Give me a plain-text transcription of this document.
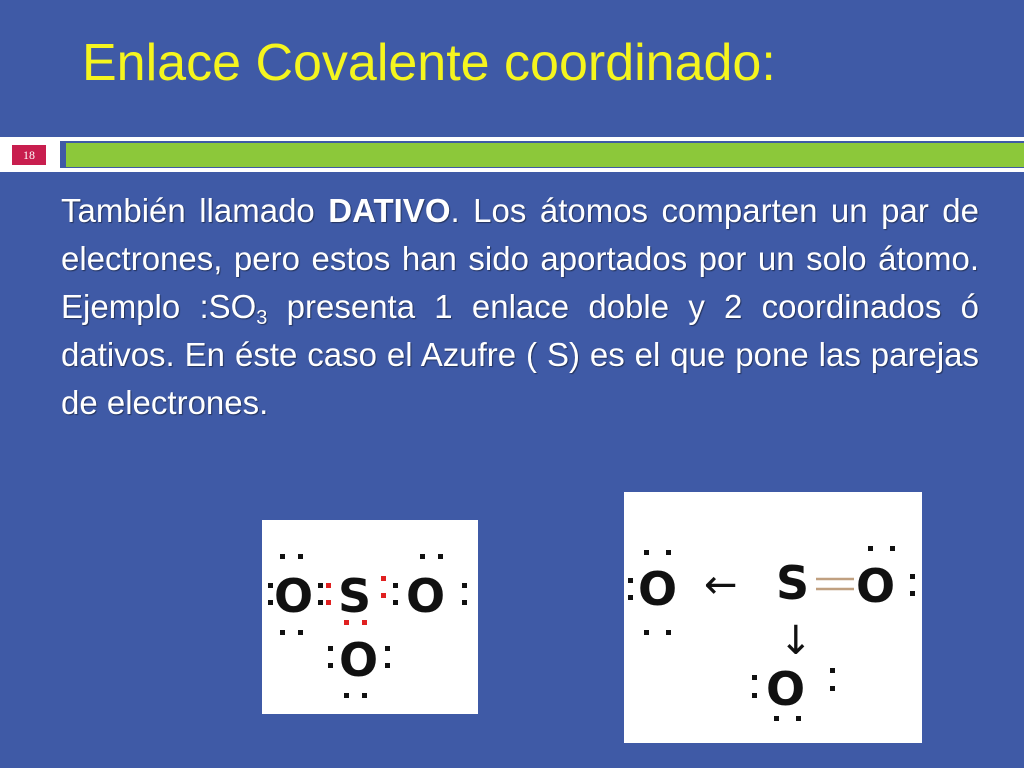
Enlace Covalente coordinado:
18

También llamado DATIVO. Los átomos comparten un par de electrones, pero estos han sido aportados por un solo átomo. Ejemplo $:SO_3$ presenta 1 enlace doble y 2 coordinados ó dativos. En éste caso el Azufre ( S) es el que pone las parejas de electrones.

O S O
O
O ← S O
↓
O
